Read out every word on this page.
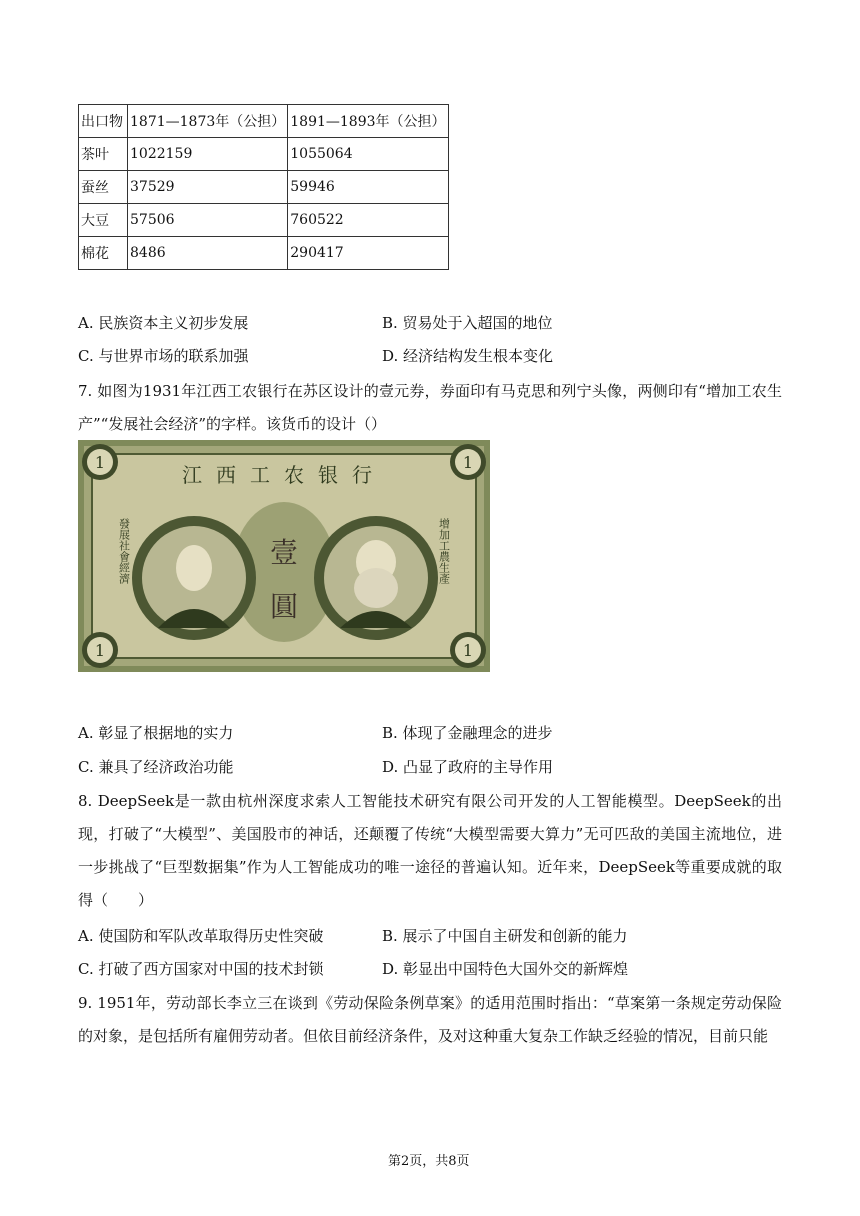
出口物	1871—1873年（公担）	1891—1893年（公担）
茶叶	1022159	1055064
蚕丝	37529	59946
大豆	57506	760522
棉花	8486	290417
A. 民族资本主义初步发展	B. 贸易处于入超国的地位
C. 与世界市场的联系加强	D. 经济结构发生根本变化
7. 如图为1931年江西工农银行在苏区设计的壹元券，券面印有马克思和列宁头像，两侧印有“增加工农生产”“发展社会经济”的字样。该货币的设计（）
1	1
1	1
江西工农银行
壹
圓
發展社會經濟	增加工農生產
A. 彰显了根据地的实力	B. 体现了金融理念的进步
C. 兼具了经济政治功能	D. 凸显了政府的主导作用
8. DeepSeek是一款由杭州深度求索人工智能技术研究有限公司开发的人工智能模型。DeepSeek的出现，打破了“大模型”、美国股市的神话，还颠覆了传统“大模型需要大算力”无可匹敌的美国主流地位，进一步挑战了“巨型数据集”作为人工智能成功的唯一途径的普遍认知。近年来，DeepSeek等重要成就的取得（　　）
A. 使国防和军队改革取得历史性突破	B. 展示了中国自主研发和创新的能力
C. 打破了西方国家对中国的技术封锁	D. 彰显出中国特色大国外交的新辉煌
9. 1951年，劳动部长李立三在谈到《劳动保险条例草案》的适用范围时指出：“草案第一条规定劳动保险的对象，是包括所有雇佣劳动者。但依目前经济条件，及对这种重大复杂工作缺乏经验的情况，目前只能
第2页，共8页
